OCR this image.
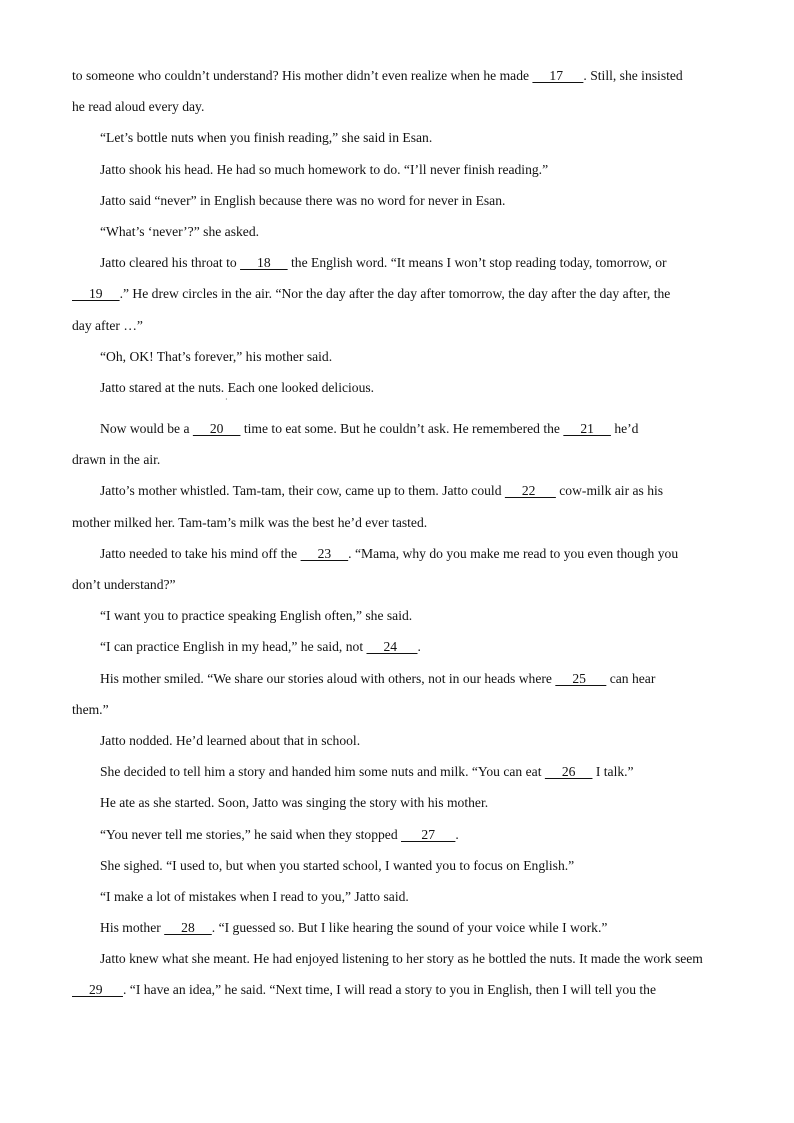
to someone who couldn’t understand? His mother didn’t even realize when he made      17      . Still, she insisted
he read aloud every day.
“Let’s bottle nuts when you finish reading,” she said in Esan.
Jatto shook his head. He had so much homework to do. “I’ll never finish reading.”
Jatto said “never” in English because there was no word for never in Esan.
“What’s ‘never’?” she asked.
Jatto cleared his throat to      18      the English word. “It means I won’t stop reading today, tomorrow, or
19     .” He drew circles in the air. “Nor the day after the day after tomorrow, the day after the day after, the
day after …”
“Oh, OK! That’s forever,” his mother said.
Jatto stared at the nuts. Each one looked delicious.
Now would be a      20      time to eat some. But he couldn’t ask. He remembered the      21      he’d
drawn in the air.
Jatto’s mother whistled. Tam-tam, their cow, came up to them. Jatto could      22       cow-milk air as his
mother milked her. Tam-tam’s milk was the best he’d ever tasted.
Jatto needed to take his mind off the      23     . “Mama, why do you make me read to you even though you
don’t understand?”
“I want you to practice speaking English often,” she said.
“I can practice English in my head,” he said, not      24      .
His mother smiled. “We share our stories aloud with others, not in our heads where      25       can hear
them.”
Jatto nodded. He’d learned about that in school.
She decided to tell him a story and handed him some nuts and milk. “You can eat      26      I talk.”
He ate as she started. Soon, Jatto was singing the story with his mother.
“You never tell me stories,” he said when they stopped       27      .
She sighed. “I used to, but when you started school, I wanted you to focus on English.”
“I make a lot of mistakes when I read to you,” Jatto said.
His mother      28     . “I guessed so. But I like hearing the sound of your voice while I work.”
Jatto knew what she meant. He had enjoyed listening to her story as he bottled the nuts. It made the work seem
29      . “I have an idea,” he said. “Next time, I will read a story to you in English, then I will tell you the
·
